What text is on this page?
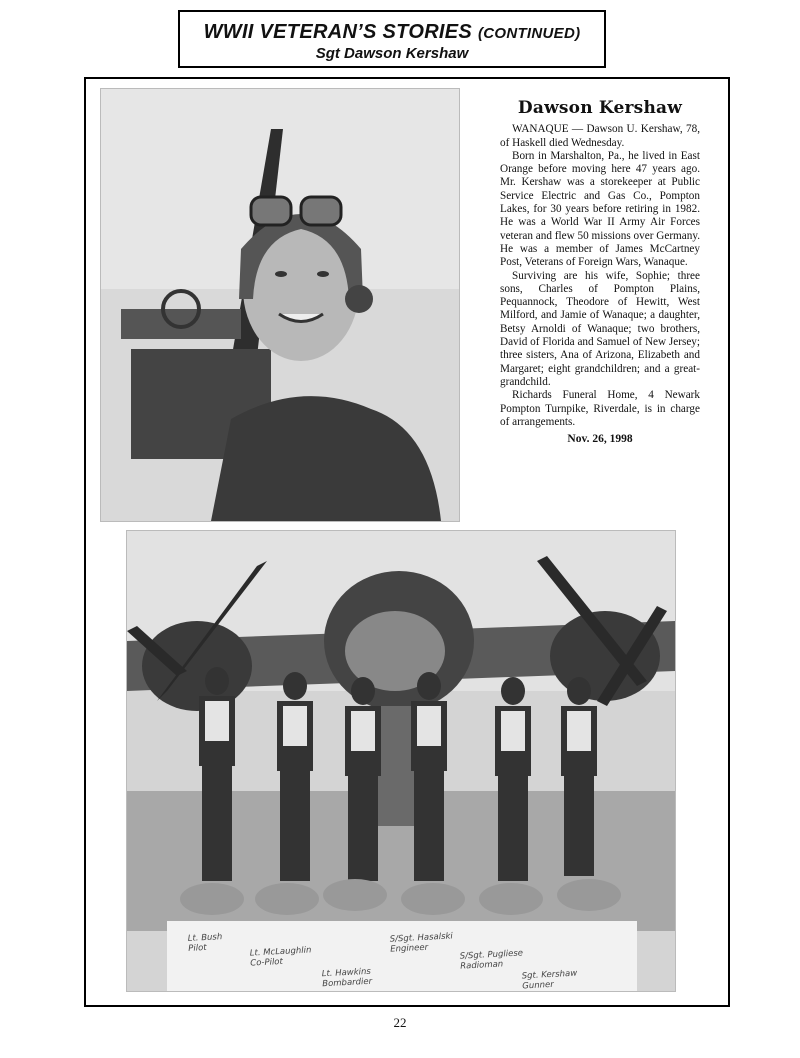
WWII VETERAN’S STORIES (CONTINUED)
Sgt Dawson Kershaw
Dawson Kershaw

WANAQUE — Dawson U. Kershaw, 78, of Haskell died Wednesday.

Born in Marshalton, Pa., he lived in East Orange before moving here 47 years ago. Mr. Kershaw was a storekeeper at Public Service Electric and Gas Co., Pompton Lakes, for 30 years before retiring in 1982. He was a World War II Army Air Forces veteran and flew 50 missions over Germany. He was a member of James McCartney Post, Veterans of Foreign Wars, Wanaque.

Surviving are his wife, Sophie; three sons, Charles of Pompton Plains, Pequannock, Theodore of Hewitt, West Milford, and Jamie of Wanaque; a daughter, Betsy Arnoldi of Wanaque; two brothers, David of Florida and Samuel of New Jersey; three sisters, Ana of Arizona, Elizabeth and Margaret; eight grandchildren; and a great-grandchild.

Richards Funeral Home, 4 Newark Pompton Turnpike, Riverdale, is in charge of arrangements.

Nov. 26, 1998
Lt. Bush
Pilot	Lt. McLaughlin
Co-Pilot
Lt. Hawkins
Bombardier
S/Sgt. Hasalski
Engineer	S/Sgt. Pugliese
Radioman
Sgt. Kershaw
Gunner
22
